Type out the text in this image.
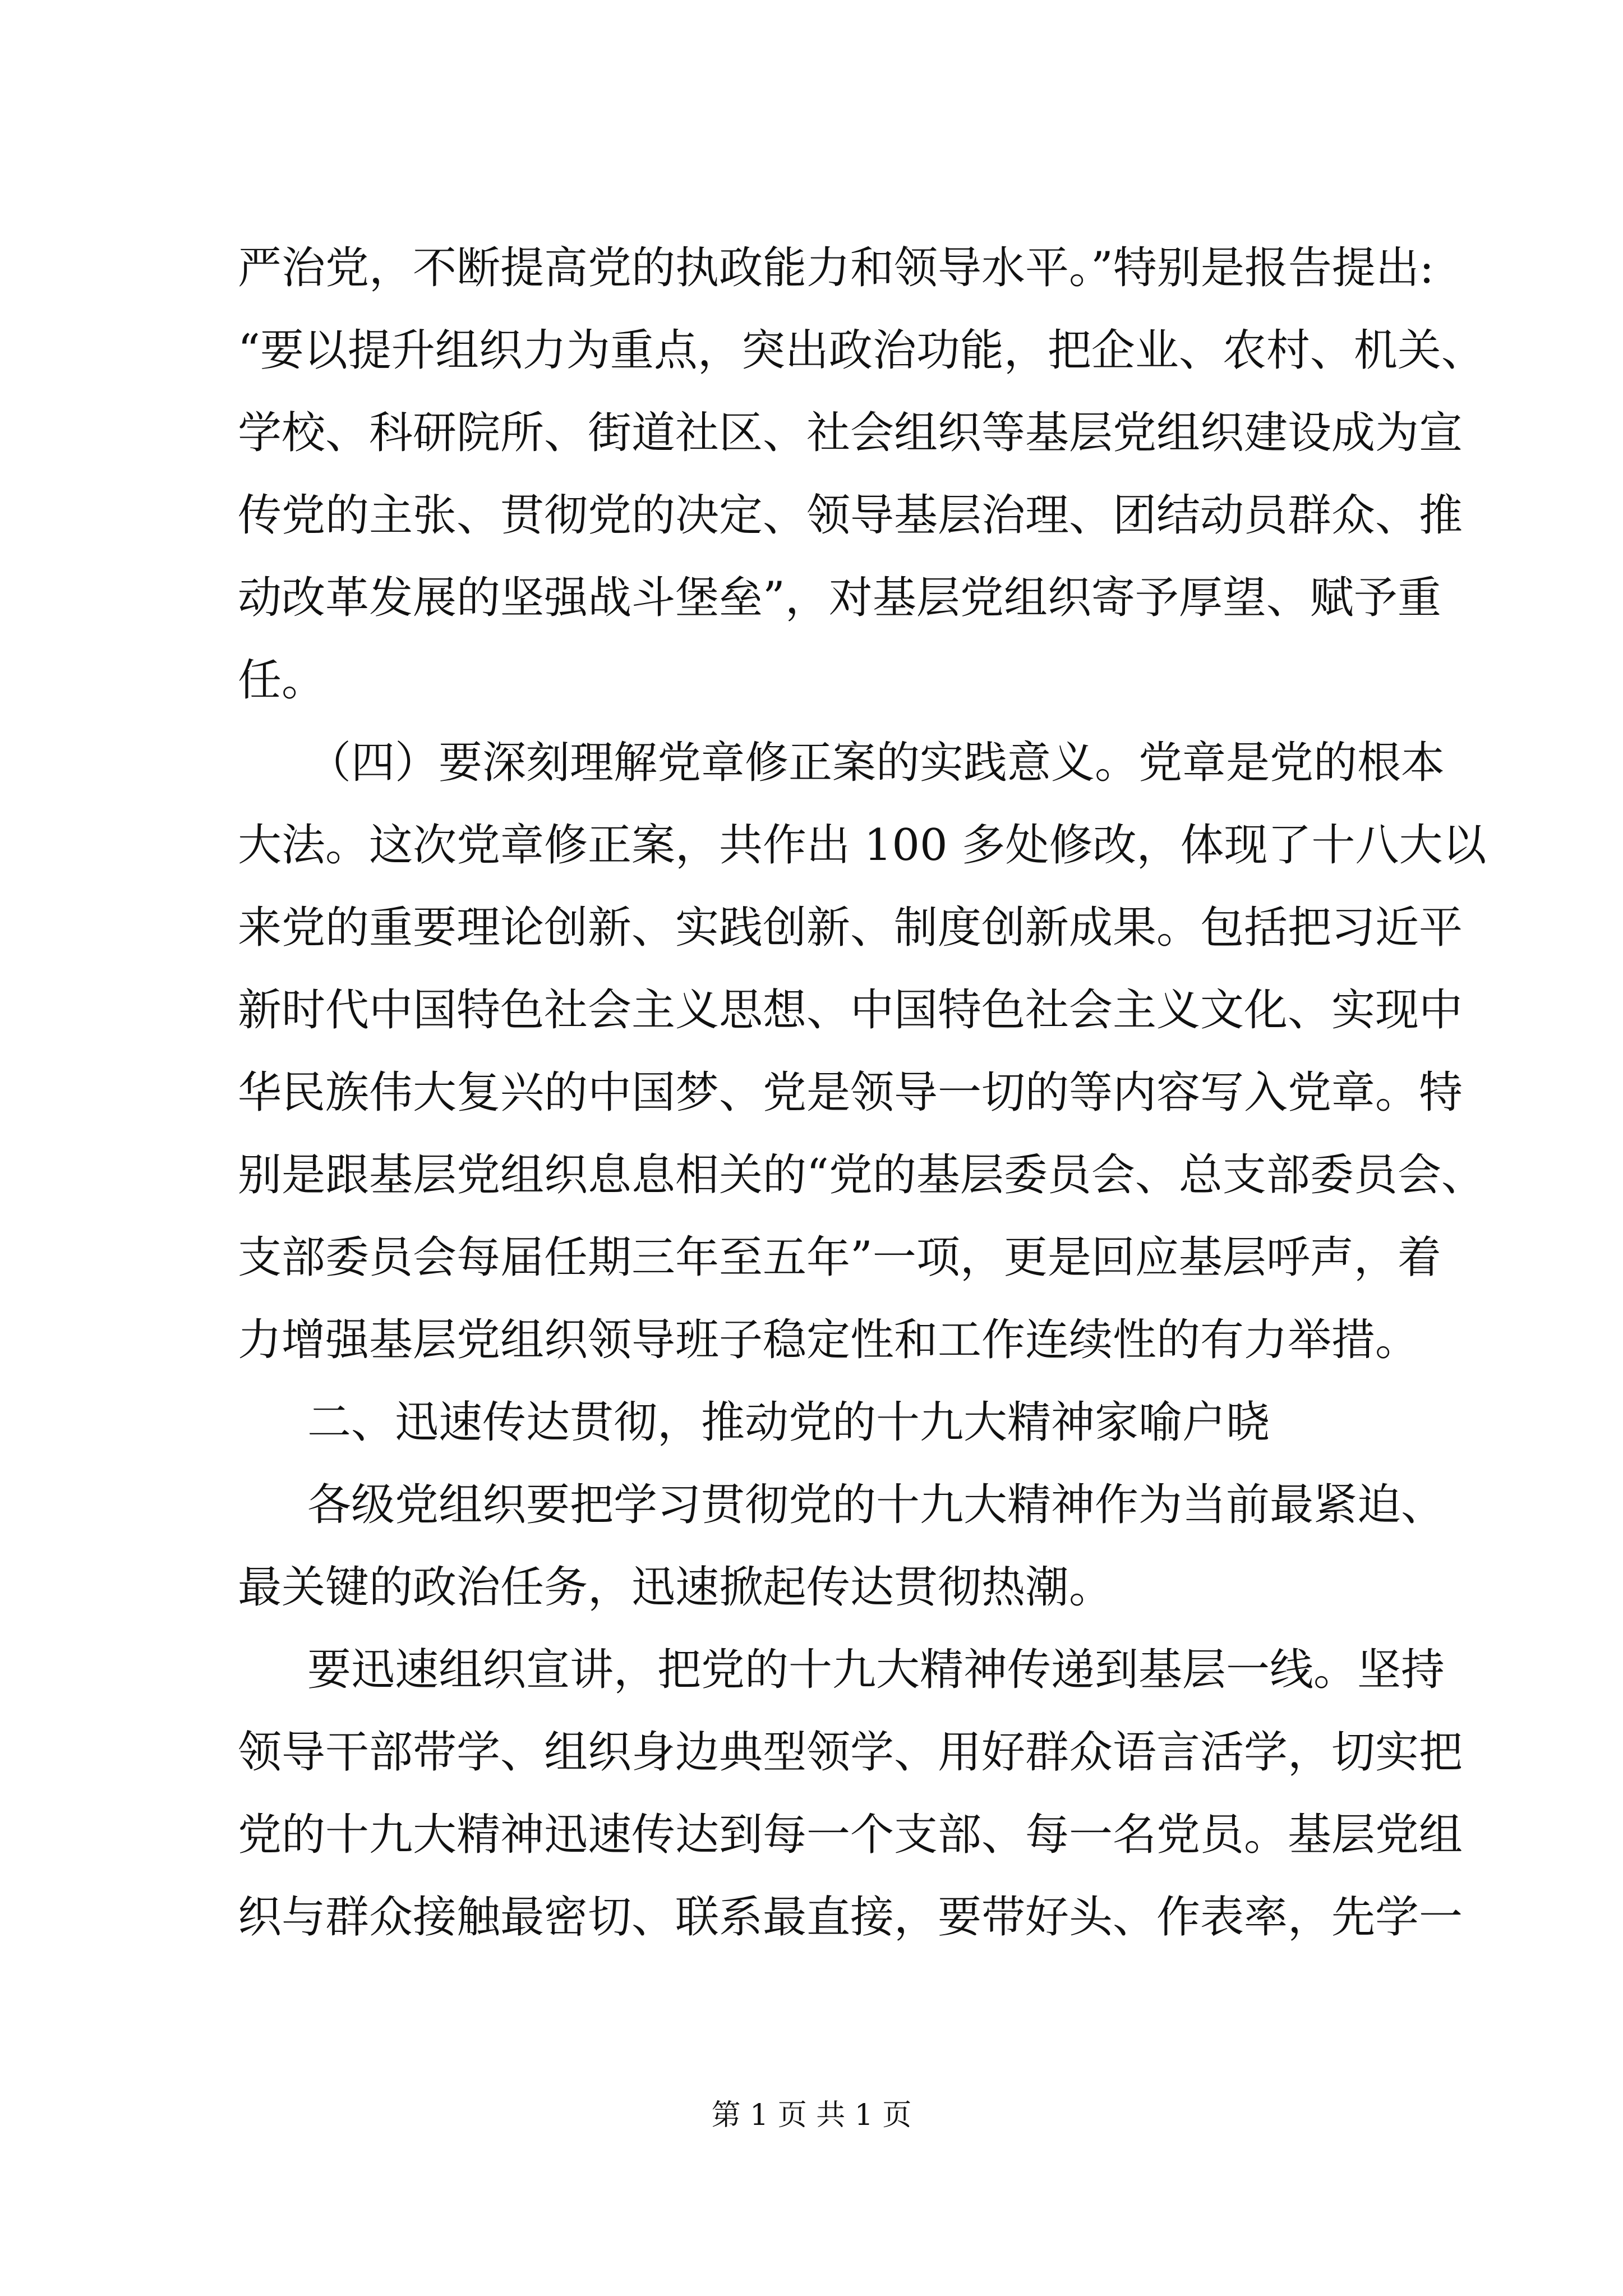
严治党，不断提高党的执政能力和领导水平。”特别是报告提出:
“要以提升组织力为重点，突出政治功能，把企业、农村、机关、
学校、科研院所、街道社区、社会组织等基层党组织建设成为宣
传党的主张、贯彻党的决定、领导基层治理、团结动员群众、推
动改革发展的坚强战斗堡垒”，对基层党组织寄予厚望、赋予重
任。
（四）要深刻理解党章修正案的实践意义。党章是党的根本
大法。这次党章修正案，共作出 100 多处修改，体现了十八大以
来党的重要理论创新、实践创新、制度创新成果。包括把习近平
新时代中国特色社会主义思想、中国特色社会主义文化、实现中
华民族伟大复兴的中国梦、党是领导一切的等内容写入党章。特
别是跟基层党组织息息相关的“党的基层委员会、总支部委员会、
支部委员会每届任期三年至五年”一项，更是回应基层呼声，着
力增强基层党组织领导班子稳定性和工作连续性的有力举措。
二、迅速传达贯彻，推动党的十九大精神家喻户晓
各级党组织要把学习贯彻党的十九大精神作为当前最紧迫、
最关键的政治任务，迅速掀起传达贯彻热潮。
要迅速组织宣讲，把党的十九大精神传递到基层一线。坚持
领导干部带学、组织身边典型领学、用好群众语言活学，切实把
党的十九大精神迅速传达到每一个支部、每一名党员。基层党组
织与群众接触最密切、联系最直接，要带好头、作表率，先学一
第 1 页 共 1 页
